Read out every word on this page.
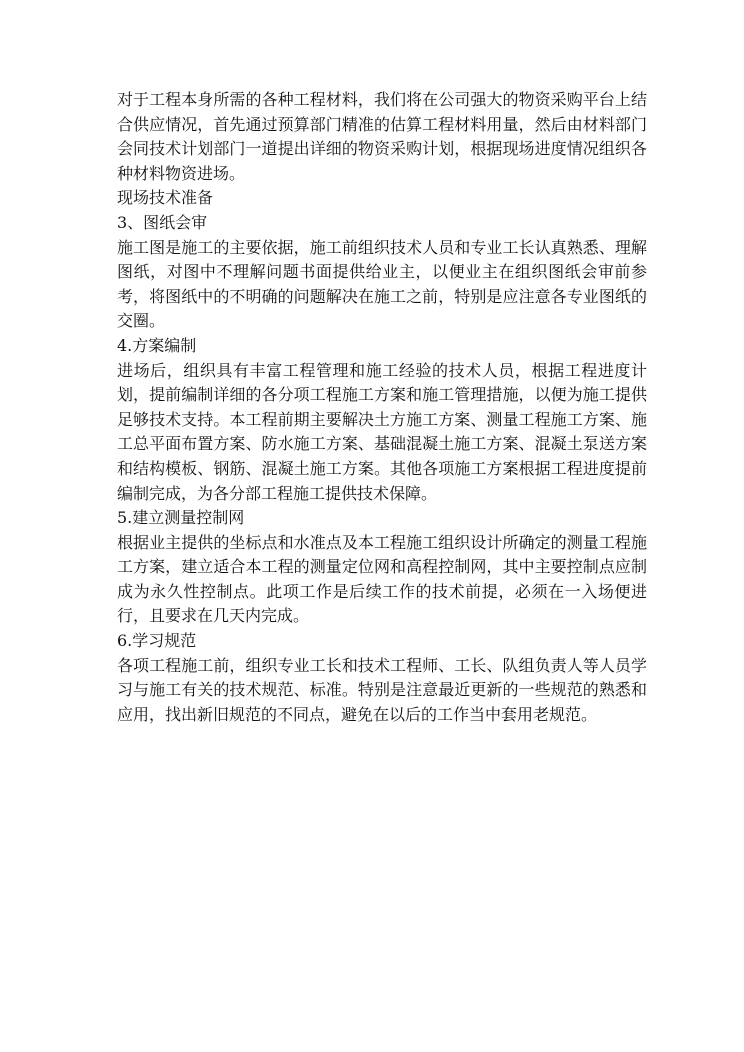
对于工程本身所需的各种工程材料，我们将在公司强大的物资采购平台上结合供应情况，首先通过预算部门精准的估算工程材料用量，然后由材料部门会同技术计划部门一道提出详细的物资采购计划，根据现场进度情况组织各种材料物资进场。

现场技术准备

3、图纸会审

施工图是施工的主要依据，施工前组织技术人员和专业工长认真熟悉、理解图纸，对图中不理解问题书面提供给业主，以便业主在组织图纸会审前参考，将图纸中的不明确的问题解决在施工之前，特别是应注意各专业图纸的交圈。

4.方案编制

进场后，组织具有丰富工程管理和施工经验的技术人员，根据工程进度计划，提前编制详细的各分项工程施工方案和施工管理措施，以便为施工提供足够技术支持。本工程前期主要解决土方施工方案、测量工程施工方案、施工总平面布置方案、防水施工方案、基础混凝土施工方案、混凝土泵送方案和结构模板、钢筋、混凝土施工方案。其他各项施工方案根据工程进度提前编制完成，为各分部工程施工提供技术保障。

5.建立测量控制网

根据业主提供的坐标点和水准点及本工程施工组织设计所确定的测量工程施工方案，建立适合本工程的测量定位网和高程控制网，其中主要控制点应制成为永久性控制点。此项工作是后续工作的技术前提，必须在一入场便进行，且要求在几天内完成。

6.学习规范

各项工程施工前，组织专业工长和技术工程师、工长、队组负责人等人员学习与施工有关的技术规范、标准。特别是注意最近更新的一些规范的熟悉和应用，找出新旧规范的不同点，避免在以后的工作当中套用老规范。
